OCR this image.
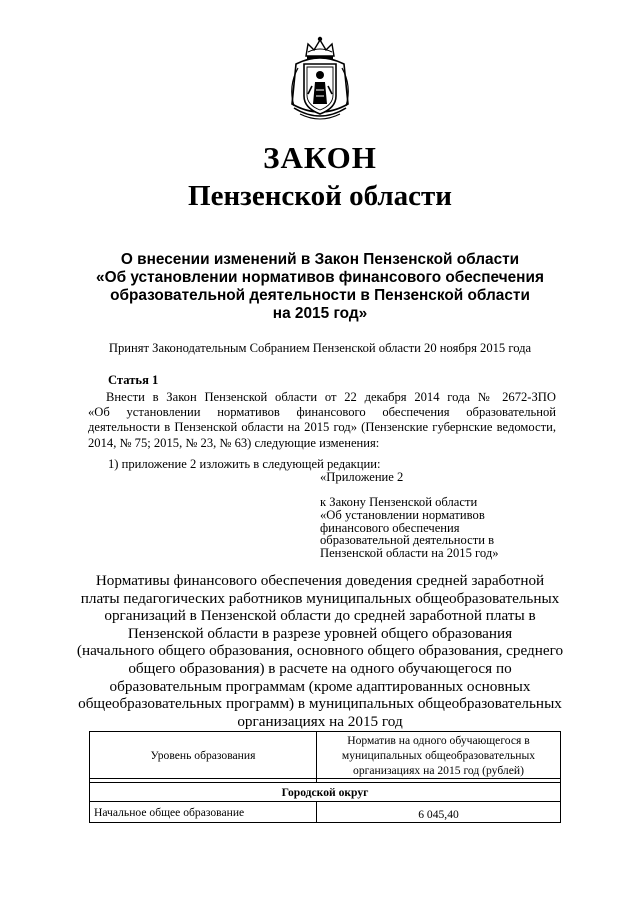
ЗАКОН
Пензенской области
О внесении изменений в Закон Пензенской области
«Об установлении нормативов финансового обеспечения
образовательной деятельности в Пензенской области
на 2015 год»
Принят Законодательным Собранием Пензенской области 20 ноября 2015 года
Статья 1
Внести в Закон Пензенской области от 22 декабря 2014 года № 2672-ЗПО
«Об установлении нормативов финансового обеспечения образовательной
деятельности в Пензенской области на 2015 год» (Пензенские губернские ведомости,
2014, № 75; 2015, № 23, № 63) следующие изменения:
1) приложение 2 изложить в следующей редакции:
«Приложение 2
к Закону Пензенской области
«Об установлении нормативов
финансового обеспечения
образовательной деятельности в
Пензенской области на 2015 год»
Нормативы финансового обеспечения доведения средней заработной
платы педагогических работников муниципальных общеобразовательных
организаций в Пензенской области до средней заработной платы в
Пензенской области в разрезе уровней общего образования
(начального общего образования, основного общего образования, среднего
общего образования) в расчете на одного обучающегося по
образовательным программам (кроме адаптированных основных
общеобразовательных программ) в муниципальных общеобразовательных
организациях на 2015 год
Уровень образования	Норматив на одного обучающегося в
муниципальных общеобразовательных
организациях на 2015 год (рублей)

Городской округ	
Начальное общее образование	6 045,40
